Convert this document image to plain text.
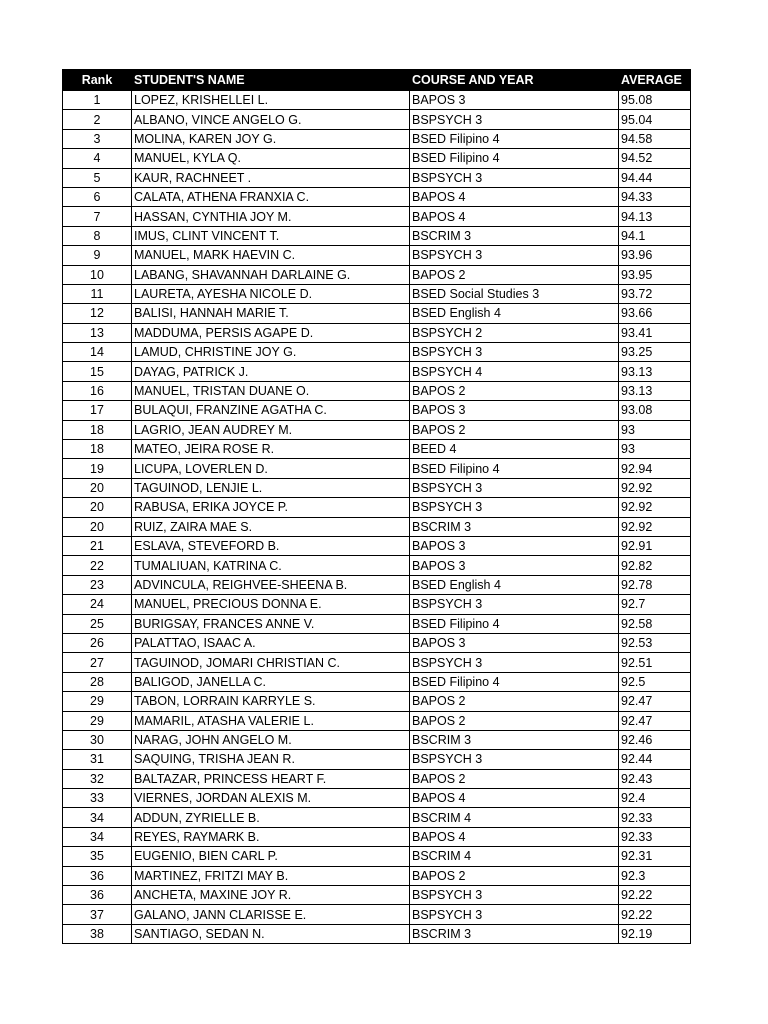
Rank	STUDENT'S NAME	COURSE AND YEAR	AVERAGE
1	LOPEZ, KRISHELLEI L.	BAPOS 3	95.08
2	ALBANO, VINCE ANGELO G.	BSPSYCH 3	95.04
3	MOLINA, KAREN JOY G.	BSED Filipino 4	94.58
4	MANUEL, KYLA Q.	BSED Filipino 4	94.52
5	KAUR, RACHNEET .	BSPSYCH 3	94.44
6	CALATA, ATHENA FRANXIA C.	BAPOS 4	94.33
7	HASSAN, CYNTHIA JOY M.	BAPOS 4	94.13
8	IMUS, CLINT VINCENT T.	BSCRIM 3	94.1
9	MANUEL, MARK HAEVIN C.	BSPSYCH 3	93.96
10	LABANG, SHAVANNAH DARLAINE G.	BAPOS 2	93.95
11	LAURETA, AYESHA NICOLE D.	BSED Social Studies 3	93.72
12	BALISI, HANNAH MARIE T.	BSED English 4	93.66
13	MADDUMA, PERSIS AGAPE D.	BSPSYCH 2	93.41
14	LAMUD, CHRISTINE JOY G.	BSPSYCH 3	93.25
15	DAYAG, PATRICK J.	BSPSYCH 4	93.13
16	MANUEL, TRISTAN DUANE O.	BAPOS 2	93.13
17	BULAQUI, FRANZINE AGATHA C.	BAPOS 3	93.08
18	LAGRIO, JEAN AUDREY M.	BAPOS 2	93
18	MATEO, JEIRA ROSE R.	BEED 4	93
19	LICUPA, LOVERLEN D.	BSED Filipino 4	92.94
20	TAGUINOD, LENJIE L.	BSPSYCH 3	92.92
20	RABUSA, ERIKA JOYCE P.	BSPSYCH 3	92.92
20	RUIZ, ZAIRA MAE S.	BSCRIM 3	92.92
21	ESLAVA, STEVEFORD B.	BAPOS 3	92.91
22	TUMALIUAN, KATRINA C.	BAPOS 3	92.82
23	ADVINCULA, REIGHVEE-SHEENA B.	BSED English 4	92.78
24	MANUEL, PRECIOUS DONNA E.	BSPSYCH 3	92.7
25	BURIGSAY, FRANCES ANNE V.	BSED Filipino 4	92.58
26	PALATTAO, ISAAC A.	BAPOS 3	92.53
27	TAGUINOD, JOMARI CHRISTIAN C.	BSPSYCH 3	92.51
28	BALIGOD, JANELLA C.	BSED Filipino 4	92.5
29	TABON, LORRAIN KARRYLE S.	BAPOS 2	92.47
29	MAMARIL, ATASHA VALERIE L.	BAPOS 2	92.47
30	NARAG, JOHN ANGELO M.	BSCRIM 3	92.46
31	SAQUING, TRISHA JEAN R.	BSPSYCH 3	92.44
32	BALTAZAR, PRINCESS HEART F.	BAPOS 2	92.43
33	VIERNES, JORDAN ALEXIS M.	BAPOS 4	92.4
34	ADDUN, ZYRIELLE B.	BSCRIM 4	92.33
34	REYES, RAYMARK B.	BAPOS 4	92.33
35	EUGENIO, BIEN CARL P.	BSCRIM 4	92.31
36	MARTINEZ, FRITZI MAY B.	BAPOS 2	92.3
36	ANCHETA, MAXINE JOY R.	BSPSYCH 3	92.22
37	GALANO, JANN CLARISSE E.	BSPSYCH 3	92.22
38	SANTIAGO, SEDAN N.	BSCRIM 3	92.19
